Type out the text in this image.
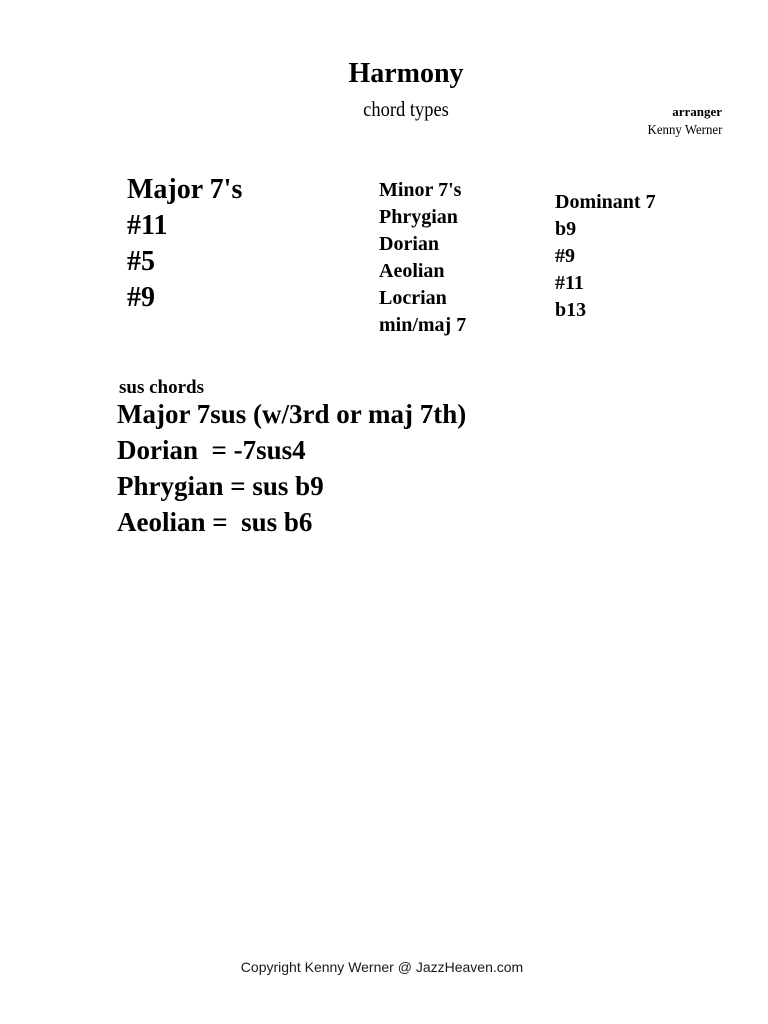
Harmony
chord types	arranger
Kenny Werner
Major 7's
#11
#5
#9
Minor 7's
Phrygian
Dorian
Aeolian
Locrian
min/maj 7
Dominant 7
b9
#9
#11
b13
sus chords
Major 7sus (w/3rd or maj 7th)
Dorian  = -7sus4
Phrygian = sus b9
Aeolian =  sus b6
Copyright Kenny Werner @ JazzHeaven.com
